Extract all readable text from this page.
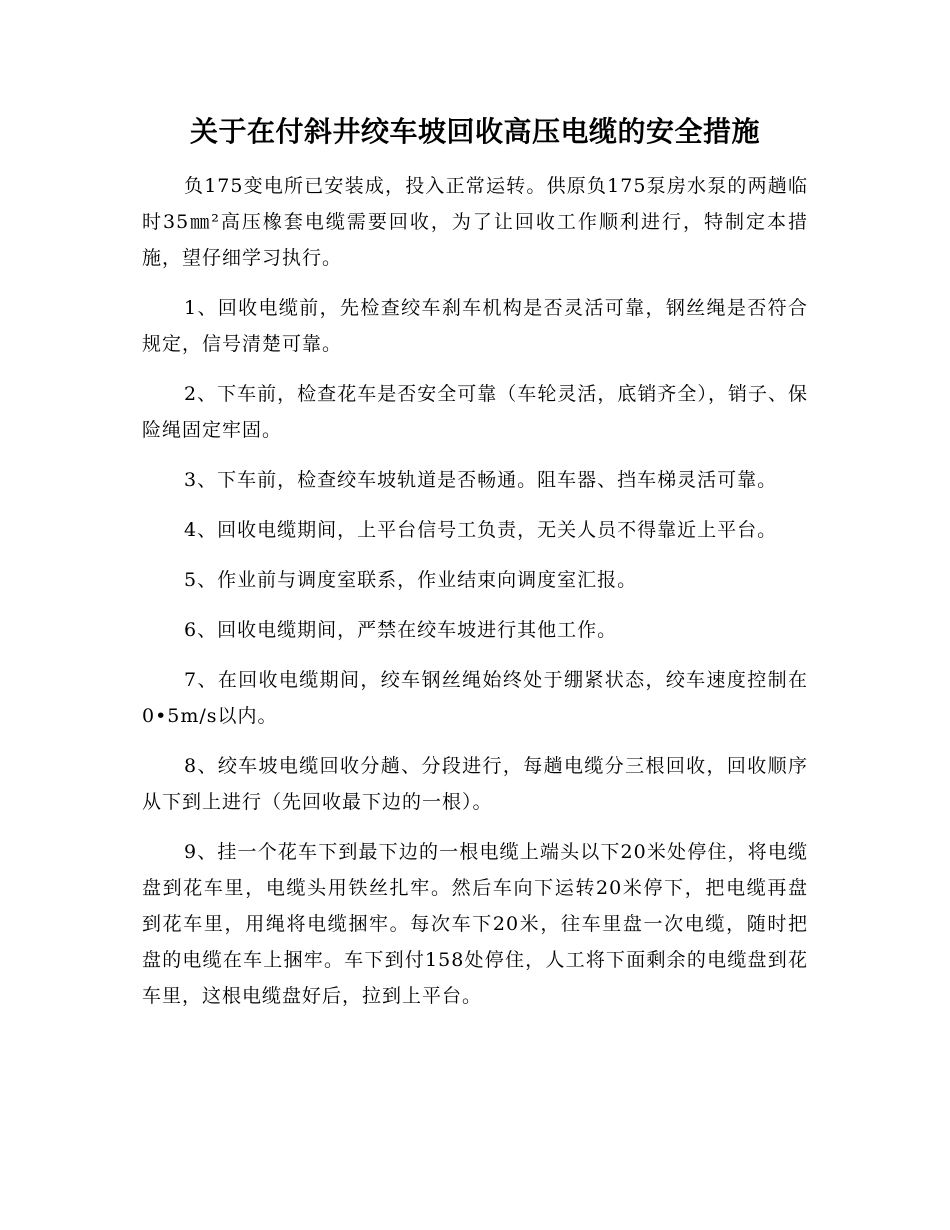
关于在付斜井绞车坡回收高压电缆的安全措施

负175变电所已安装成，投入正常运转。供原负175泵房水泵的两趟临时35㎜²高压橡套电缆需要回收，为了让回收工作顺利进行，特制定本措施，望仔细学习执行。

1、回收电缆前，先检查绞车刹车机构是否灵活可靠，钢丝绳是否符合规定，信号清楚可靠。

2、下车前，检查花车是否安全可靠（车轮灵活，底销齐全），销子、保险绳固定牢固。

3、下车前，检查绞车坡轨道是否畅通。阻车器、挡车梯灵活可靠。

4、回收电缆期间，上平台信号工负责，无关人员不得靠近上平台。

5、作业前与调度室联系，作业结束向调度室汇报。

6、回收电缆期间，严禁在绞车坡进行其他工作。

7、在回收电缆期间，绞车钢丝绳始终处于绷紧状态，绞车速度控制在0•5m/s以内。

8、绞车坡电缆回收分趟、分段进行，每趟电缆分三根回收，回收顺序从下到上进行（先回收最下边的一根）。

9、挂一个花车下到最下边的一根电缆上端头以下20米处停住，将电缆盘到花车里，电缆头用铁丝扎牢。然后车向下运转20米停下，把电缆再盘到花车里，用绳将电缆捆牢。每次车下20米，往车里盘一次电缆，随时把盘的电缆在车上捆牢。车下到付158处停住，人工将下面剩余的电缆盘到花车里，这根电缆盘好后，拉到上平台。
